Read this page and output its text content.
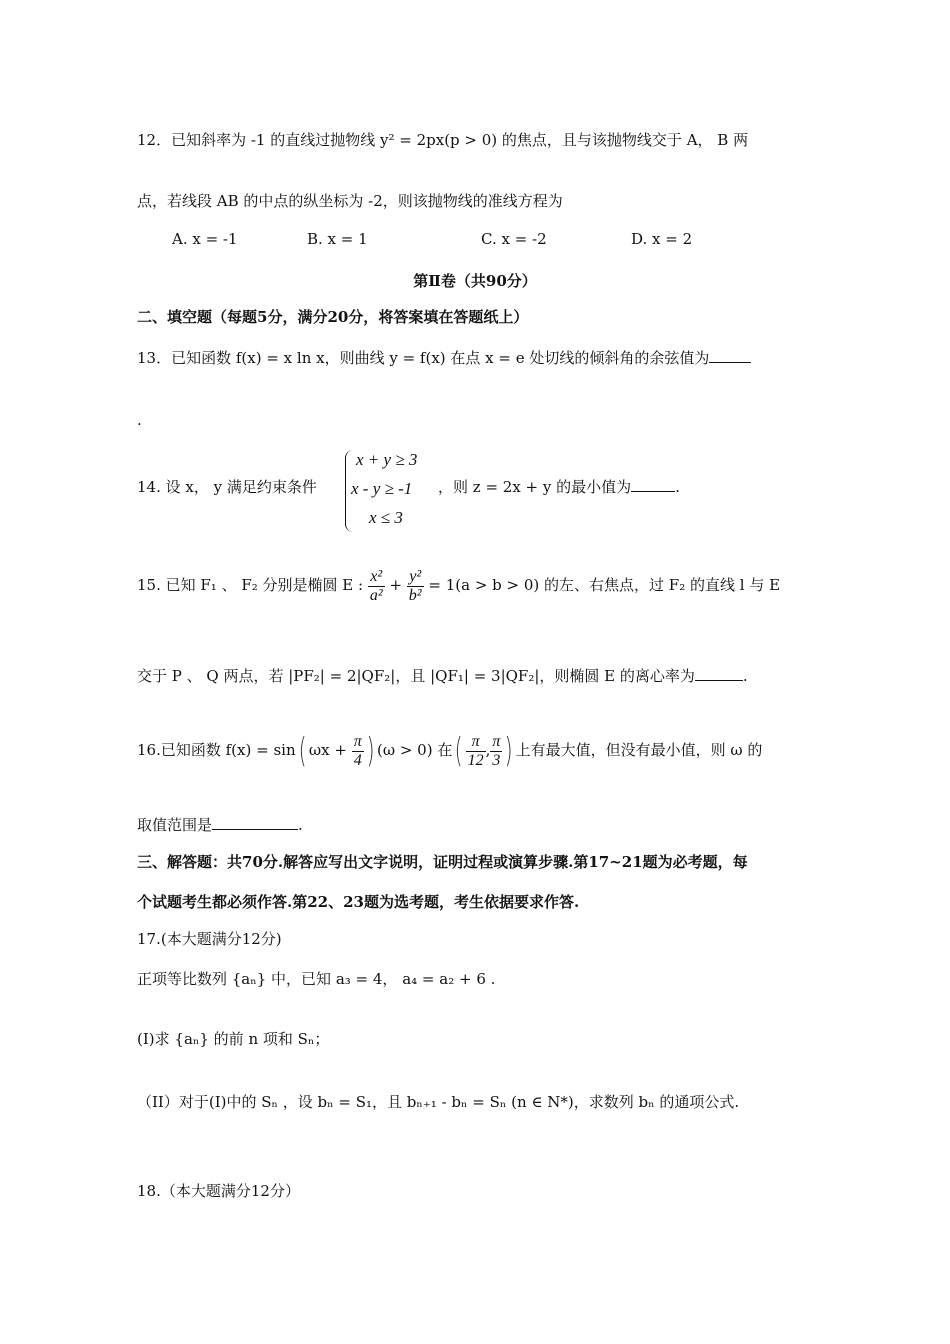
12．已知斜率为 -1 的直线过抛物线 y² = 2px(p > 0) 的焦点，且与该抛物线交于 A， B 两
点，若线段 AB 的中点的纵坐标为 -2，则该抛物线的准线方程为
A. x = -1	B. x = 1	C. x = -2	D. x = 2
第Ⅱ卷（共90分）
二、填空题（每题5分，满分20分，将答案填在答题纸上）
13．已知函数 f(x) = x ln x，则曲线 y = f(x) 在点 x = e 处切线的倾斜角的余弦值为
.
14. 设 x， y 满足约束条件
x + y ≥ 3
x - y ≥ -1
x ≤ 3
，则 z = 2x + y 的最小值为	.
15. 已知 F₁ 、 F₂ 分别是椭圆 E : $\frac{\text{x²}}{\text{a²}} + \frac{\text{y²}}{\text{b²}} = 1(a > b > 0)$ 的左、右焦点，过 F₂ 的直线 l 与 E
交于 P 、 Q 两点，若 |PF₂| = 2|QF₂|，且 |QF₁| = 3|QF₂|，则椭圆 E 的离心率为	.
16.已知函数 f(x) = sin( $\omega x + \frac{\pi}{4}$ ) (ω > 0) 在( $\frac{\pi}{12}$ , $\frac{\pi}{3}$ ) 上有最大值，但没有最小值，则 ω 的
取值范围是	.
三、解答题：共70分.解答应写出文字说明，证明过程或演算步骤.第17~21题为必考题，每
个试题考生都必须作答.第22、23题为选考题，考生依据要求作答.
17.(本大题满分12分)
正项等比数列 {aₙ} 中，已知 a₃ = 4， a₄ = a₂ + 6 .
(I)求 {aₙ} 的前 n 项和 Sₙ；
（II）对于(I)中的 Sₙ ，设 bₙ = S₁，且 bₙ₊₁ - bₙ = Sₙ (n ∈ N*)，求数列 bₙ 的通项公式.
18.（本大题满分12分）
